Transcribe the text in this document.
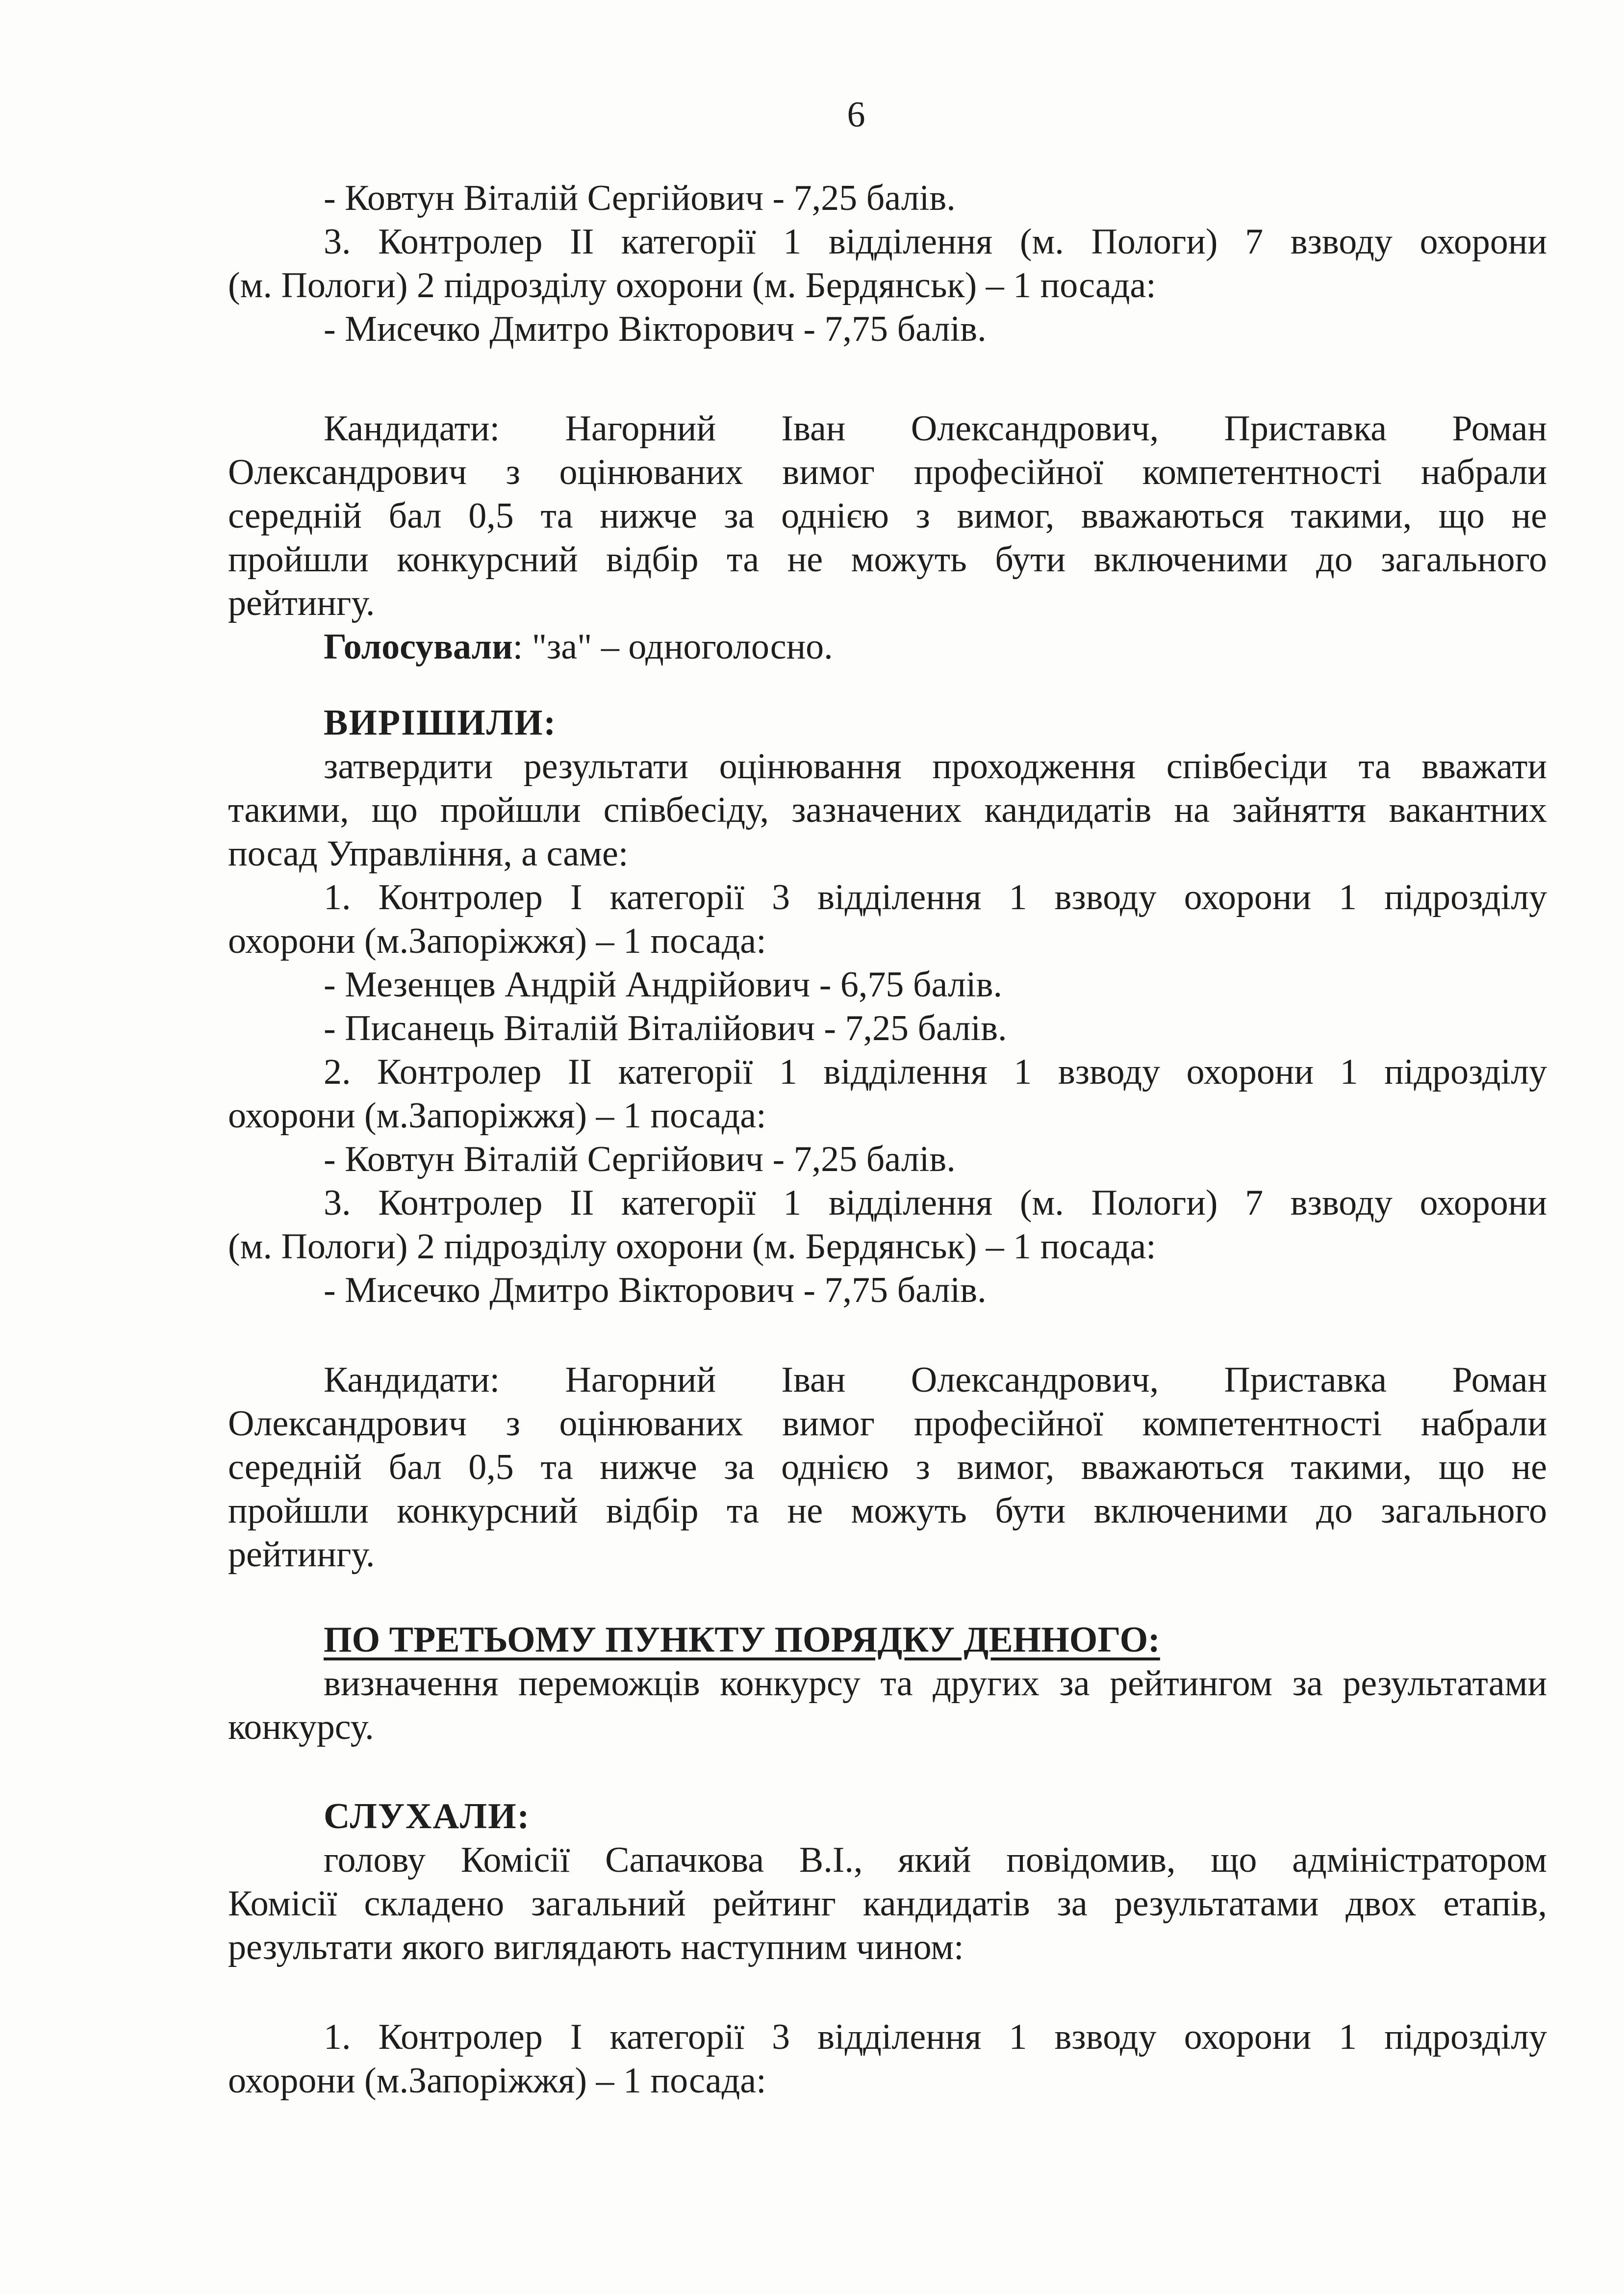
6
- Ковтун Віталій Сергійович - 7,25 балів.
3. Контролер II категорії 1 відділення (м. Пологи) 7 взводу охорони
(м. Пологи) 2 підрозділу охорони (м. Бердянськ) – 1 посада:
- Мисечко Дмитро Вікторович - 7,75 балів.
Кандидати: Нагорний Іван Олександрович, Приставка Роман
Олександрович з оцінюваних вимог професійної компетентності набрали
середній бал 0,5 та нижче за однією з вимог, вважаються такими, що не
пройшли конкурсний відбір та не можуть бути включеними до загального
рейтингу.
Голосували: "за" – одноголосно.
ВИРІШИЛИ:
затвердити результати оцінювання проходження співбесіди та вважати
такими, що пройшли співбесіду, зазначених кандидатів на зайняття вакантних
посад Управління, а саме:
1. Контролер I категорії 3 відділення 1 взводу охорони 1 підрозділу
охорони (м.Запоріжжя) – 1 посада:
- Мезенцев Андрій Андрійович - 6,75 балів.
- Писанець Віталій Віталійович - 7,25 балів.
2. Контролер II категорії 1 відділення 1 взводу охорони 1 підрозділу
охорони (м.Запоріжжя) – 1 посада:
- Ковтун Віталій Сергійович - 7,25 балів.
3. Контролер II категорії 1 відділення (м. Пологи) 7 взводу охорони
(м. Пологи) 2 підрозділу охорони (м. Бердянськ) – 1 посада:
- Мисечко Дмитро Вікторович - 7,75 балів.
Кандидати: Нагорний Іван Олександрович, Приставка Роман
Олександрович з оцінюваних вимог професійної компетентності набрали
середній бал 0,5 та нижче за однією з вимог, вважаються такими, що не
пройшли конкурсний відбір та не можуть бути включеними до загального
рейтингу.
ПО ТРЕТЬОМУ ПУНКТУ ПОРЯДКУ ДЕННОГО:
визначення переможців конкурсу та других за рейтингом за результатами
конкурсу.
СЛУХАЛИ:
голову Комісії Сапачкова В.І., який повідомив, що адміністратором
Комісії складено загальний рейтинг кандидатів за результатами двох етапів,
результати якого виглядають наступним чином:
1. Контролер I категорії 3 відділення 1 взводу охорони 1 підрозділу
охорони (м.Запоріжжя) – 1 посада:
